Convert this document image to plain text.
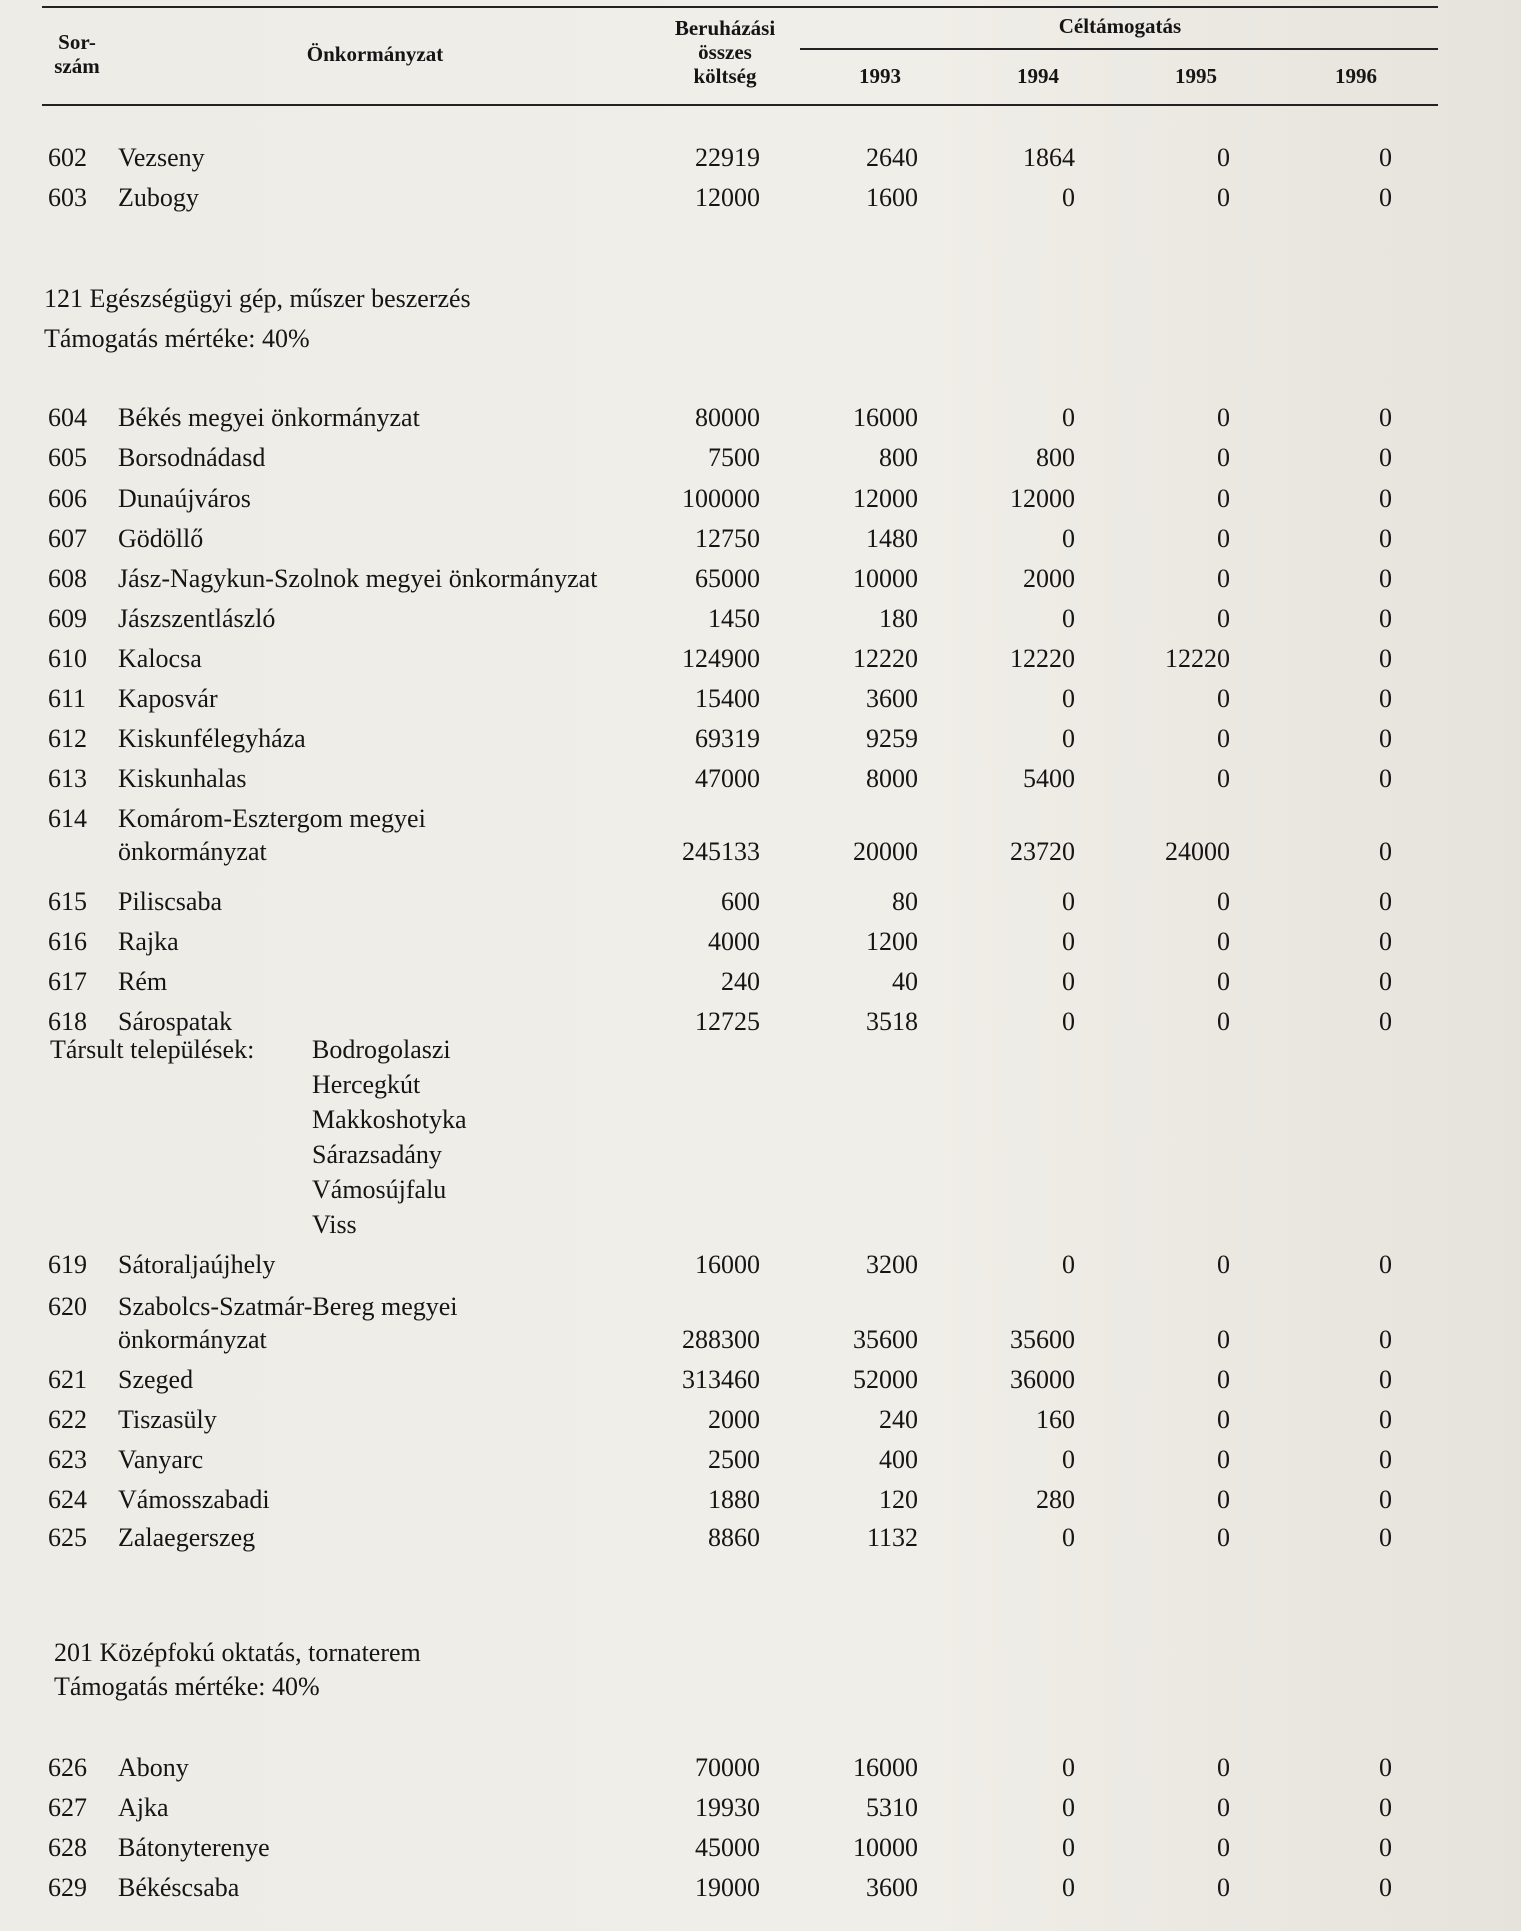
Sor-
szám	Önkormányzat
Beruházási
összes
költség
Céltámogatás
1993	1994	1995	1996
602 Vezseny	22919	2640	1864	0	0
603 Zubogy	12000	1600	0	0	0
121 Egészségügyi gép, műszer beszerzés
Támogatás mértéke: 40%
604 Békés megyei önkormányzat	80000	16000	0	0	0
605 Borsodnádasd	7500	800	800	0	0
606 Dunaújváros	100000	12000	12000	0	0
607 Gödöllő	12750	1480	0	0	0
608 Jász-Nagykun-Szolnok megyei önkormányzat	65000	10000	2000	0	0
609 Jászszentlászló	1450	180	0	0	0
610 Kalocsa	124900	12220	12220	12220	0
611 Kaposvár	15400	3600	0	0	0
612 Kiskunfélegyháza	69319	9259	0	0	0
613 Kiskunhalas	47000	8000	5400	0	0
614 Komárom-Esztergom megyei
önkormányzat	245133	20000	23720	24000	0
615 Piliscsaba	600	80	0	0	0
616 Rajka	4000	1200	0	0	0
617 Rém	240	40	0	0	0
618 Sárospatak	12725	3518	0	0	0
Társult települések: Bodrogolaszi
Hercegkút
Makkoshotyka
Sárazsadány
Vámosújfalu
Viss
619 Sátoraljaújhely	16000	3200	0	0	0
620 Szabolcs-Szatmár-Bereg megyei
önkormányzat	288300	35600	35600	0	0
621 Szeged	313460	52000	36000	0	0
622 Tiszasüly	2000	240	160	0	0
623 Vanyarc	2500	400	0	0	0
624 Vámosszabadi	1880	120	280	0	0
625 Zalaegerszeg	8860	1132	0	0	0
201 Középfokú oktatás, tornaterem
Támogatás mértéke: 40%
626 Abony	70000	16000	0	0	0
627 Ajka	19930	5310	0	0	0
628 Bátonyterenye	45000	10000	0	0	0
629 Békéscsaba	19000	3600	0	0	0
